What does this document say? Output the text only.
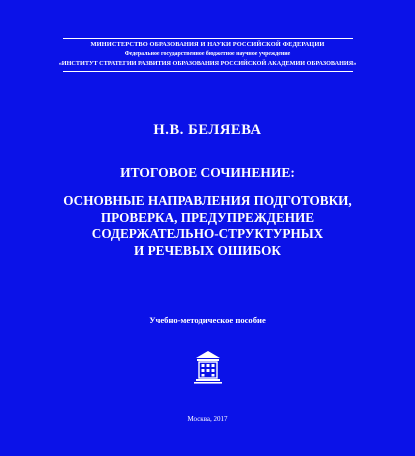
МИНИСТЕРСТВО ОБРАЗОВАНИЯ И НАУКИ РОССИЙСКОЙ ФЕДЕРАЦИИ
Федеральное государственное бюджетное научное учреждение
«ИНСТИТУТ СТРАТЕГИИ РАЗВИТИЯ ОБРАЗОВАНИЯ РОССИЙСКОЙ АКАДЕМИИ ОБРАЗОВАНИЯ»
Н.В. БЕЛЯЕВА
ИТОГОВОЕ СОЧИНЕНИЕ:
ОСНОВНЫЕ НАПРАВЛЕНИЯ ПОДГОТОВКИ,
ПРОВЕРКА, ПРЕДУПРЕЖДЕНИЕ
СОДЕРЖАТЕЛЬНО-СТРУКТУРНЫХ
И РЕЧЕВЫХ ОШИБОК
Учебно-методическое пособие
Москва, 2017
